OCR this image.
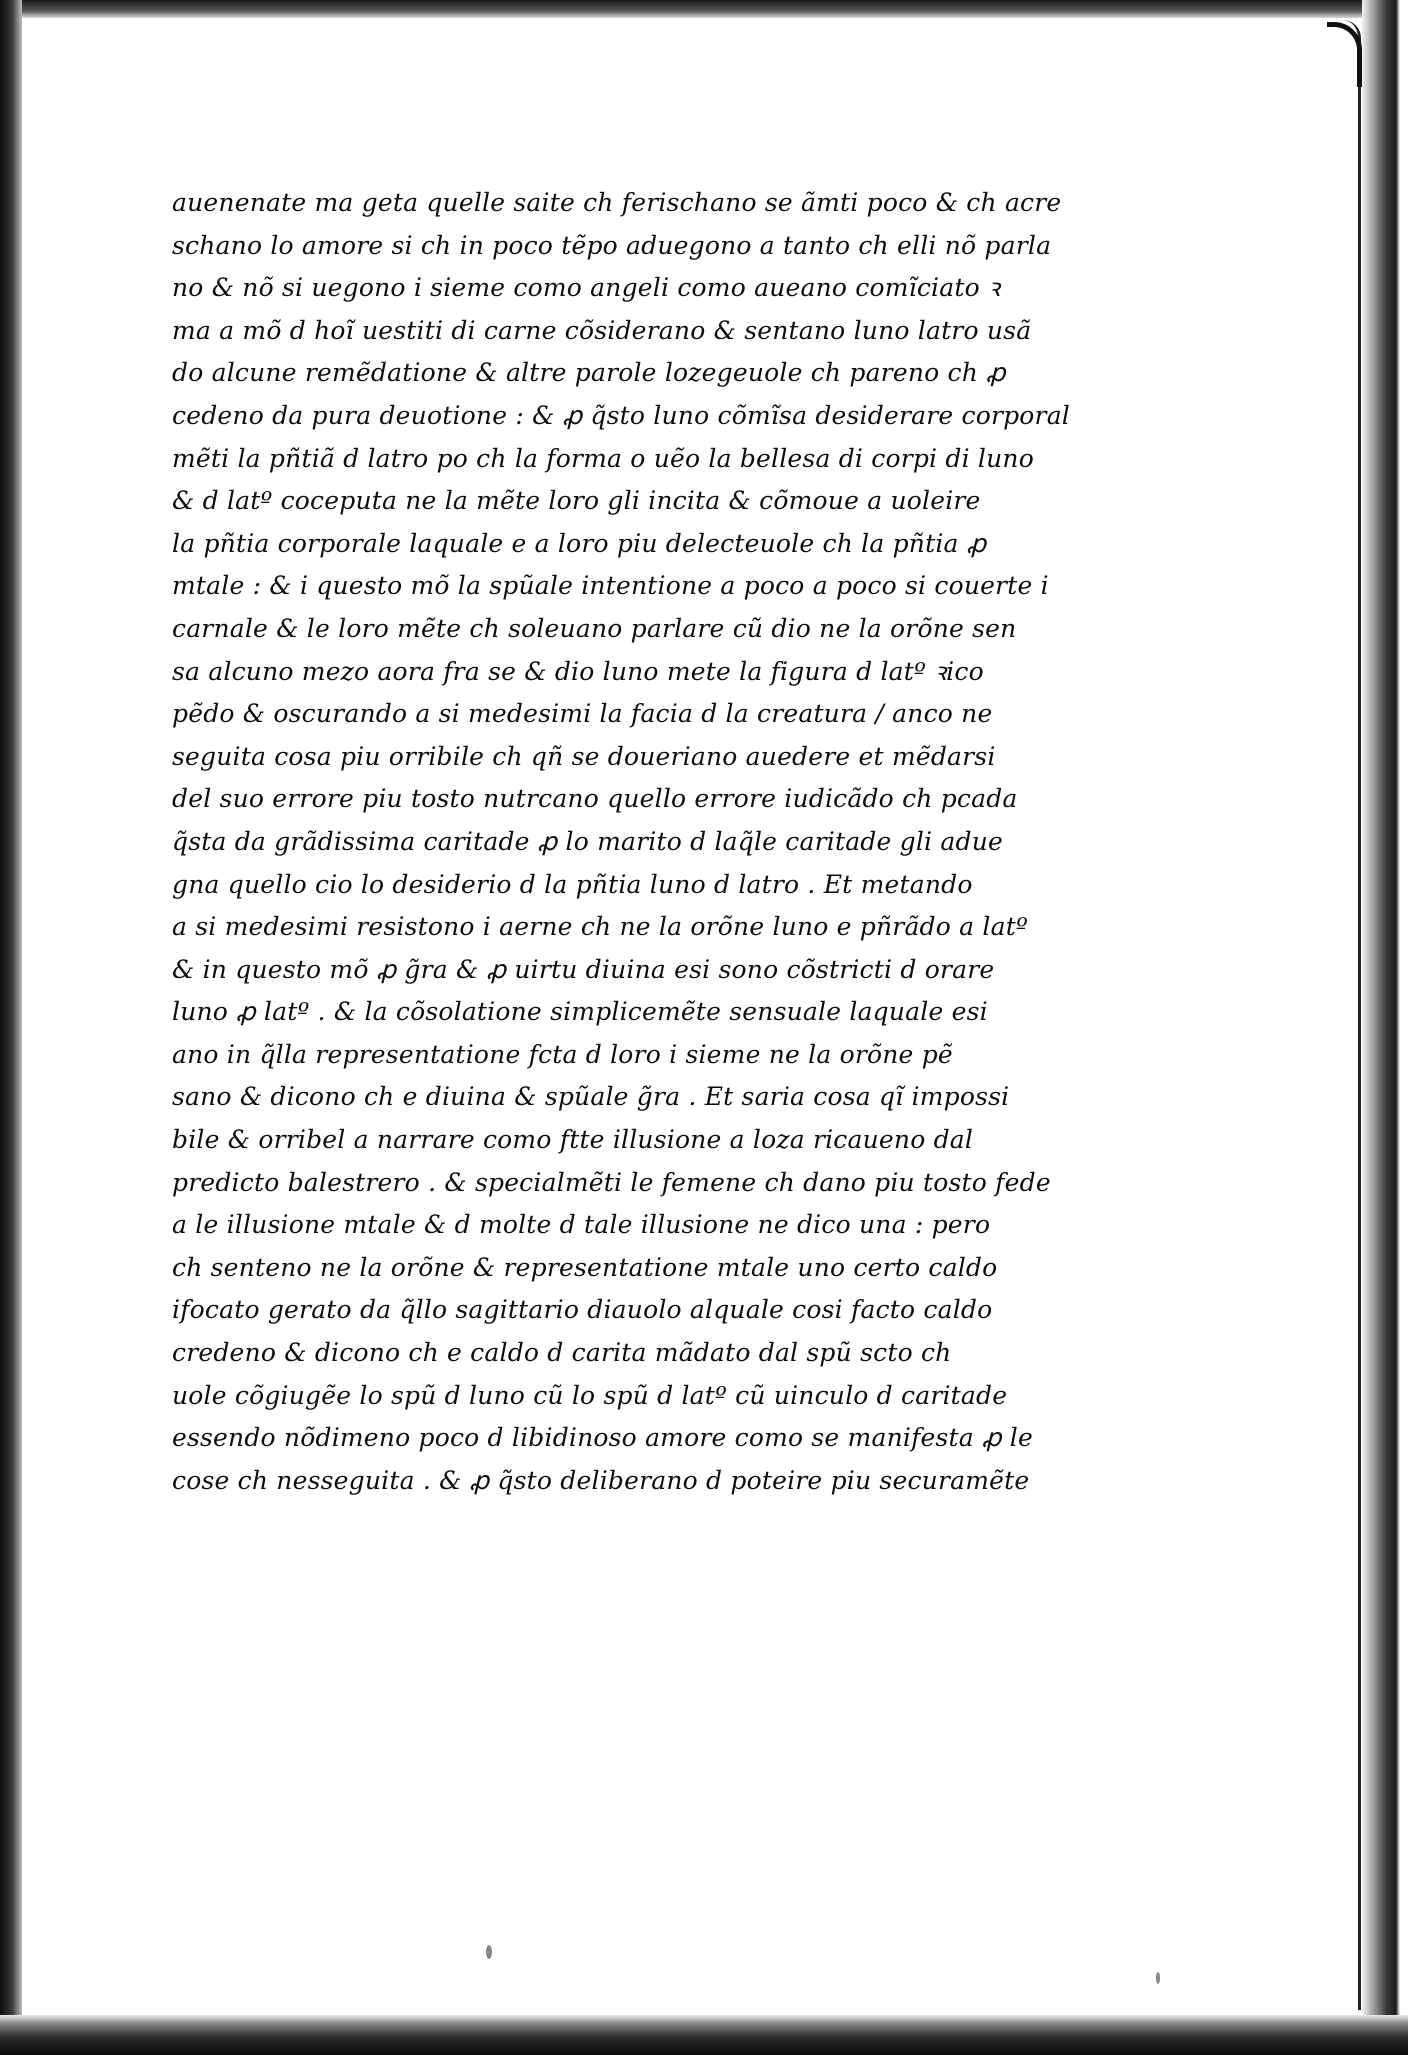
auenenate ma geta quelle saite ch ferischano se ãmti poco & ch acre
schano lo amore si ch in poco tẽpo aduegono a tanto ch elli nõ parla
no & nõ si uegono i sieme como angeli como aueano comĩciato ꝛ
ma a mõ d hoĩ uestiti di carne cõsiderano & sentano luno latro usã
do alcune remẽdatione & altre parole lozegeuole ch pareno ch ꝓ
cedeno da pura deuotione : & ꝓ q̃sto luno cõmĩsa desiderare corporal
mẽti la pñtiã d latro po ch la forma o uẽo la bellesa di corpi di luno
& d latº coceputa ne la mẽte loro gli incita & cõmoue a uoleire
la pñtia corporale laquale e a loro piu delecteuole ch la pñtia ꝓ
mtale : & i questo mõ la spũale intentione a poco a poco si couerte i
carnale & le loro mẽte ch soleuano parlare cũ dio ne la orõne sen
sa alcuno mezo aora fra se & dio luno mete la figura d latº ꝛico
pẽdo & oscurando a si medesimi la facia d la creatura / anco ne
seguita cosa piu orribile ch qñ se doueriano auedere et mẽdarsi
del suo errore piu tosto nutrcano quello errore iudicãdo ch pcada
q̃sta da grãdissima caritade ꝓ lo marito d laq̃le caritade gli adue
gna quello cio lo desiderio d la pñtia luno d latro . Et metando
a si medesimi resistono i aerne ch ne la orõne luno e pñrãdo a latº
& in questo mõ ꝓ g̃ra & ꝓ uirtu diuina esi sono cõstricti d orare
luno ꝓ latº . & la cõsolatione simplicemẽte sensuale laquale esi
ano in q̃lla representatione fcta d loro i sieme ne la orõne pẽ
sano & dicono ch e diuina & spũale g̃ra . Et saria cosa qĩ impossi
bile & orribel a narrare como ftte illusione a loza ricaueno dal
predicto balestrero . & specialmẽti le femene ch dano piu tosto fede
a le illusione mtale & d molte d tale illusione ne dico una : pero
ch senteno ne la orõne & representatione mtale uno certo caldo
ifocato gerato da q̃llo sagittario diauolo alquale cosi facto caldo
credeno & dicono ch e caldo d carita mãdato dal spũ scto ch
uole cõgiugẽe lo spũ d luno cũ lo spũ d latº cũ uinculo d caritade
essendo nõdimeno poco d libidinoso amore como se manifesta ꝓ le
cose ch nesseguita . & ꝓ q̃sto deliberano d poteire piu securamẽte
